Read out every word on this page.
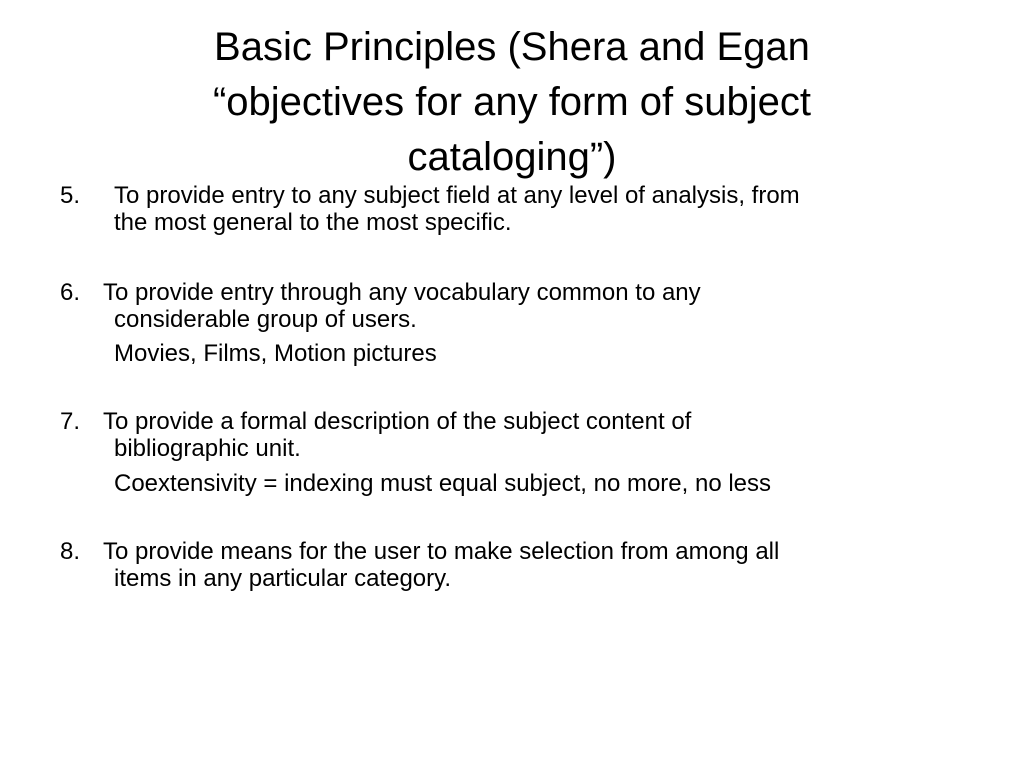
Basic Principles (Shera and Egan
“objectives for any form of subject
cataloging”)
5. To provide entry to any subject field at any level of analysis, from
the most general to the most specific.
6. To provide entry through any vocabulary common to any
considerable group of users.
Movies, Films, Motion pictures
7. To provide a formal description of the subject content of
bibliographic unit.
Coextensivity = indexing must equal subject, no more, no less
8. To provide means for the user to make selection from among all
items in any particular category.
